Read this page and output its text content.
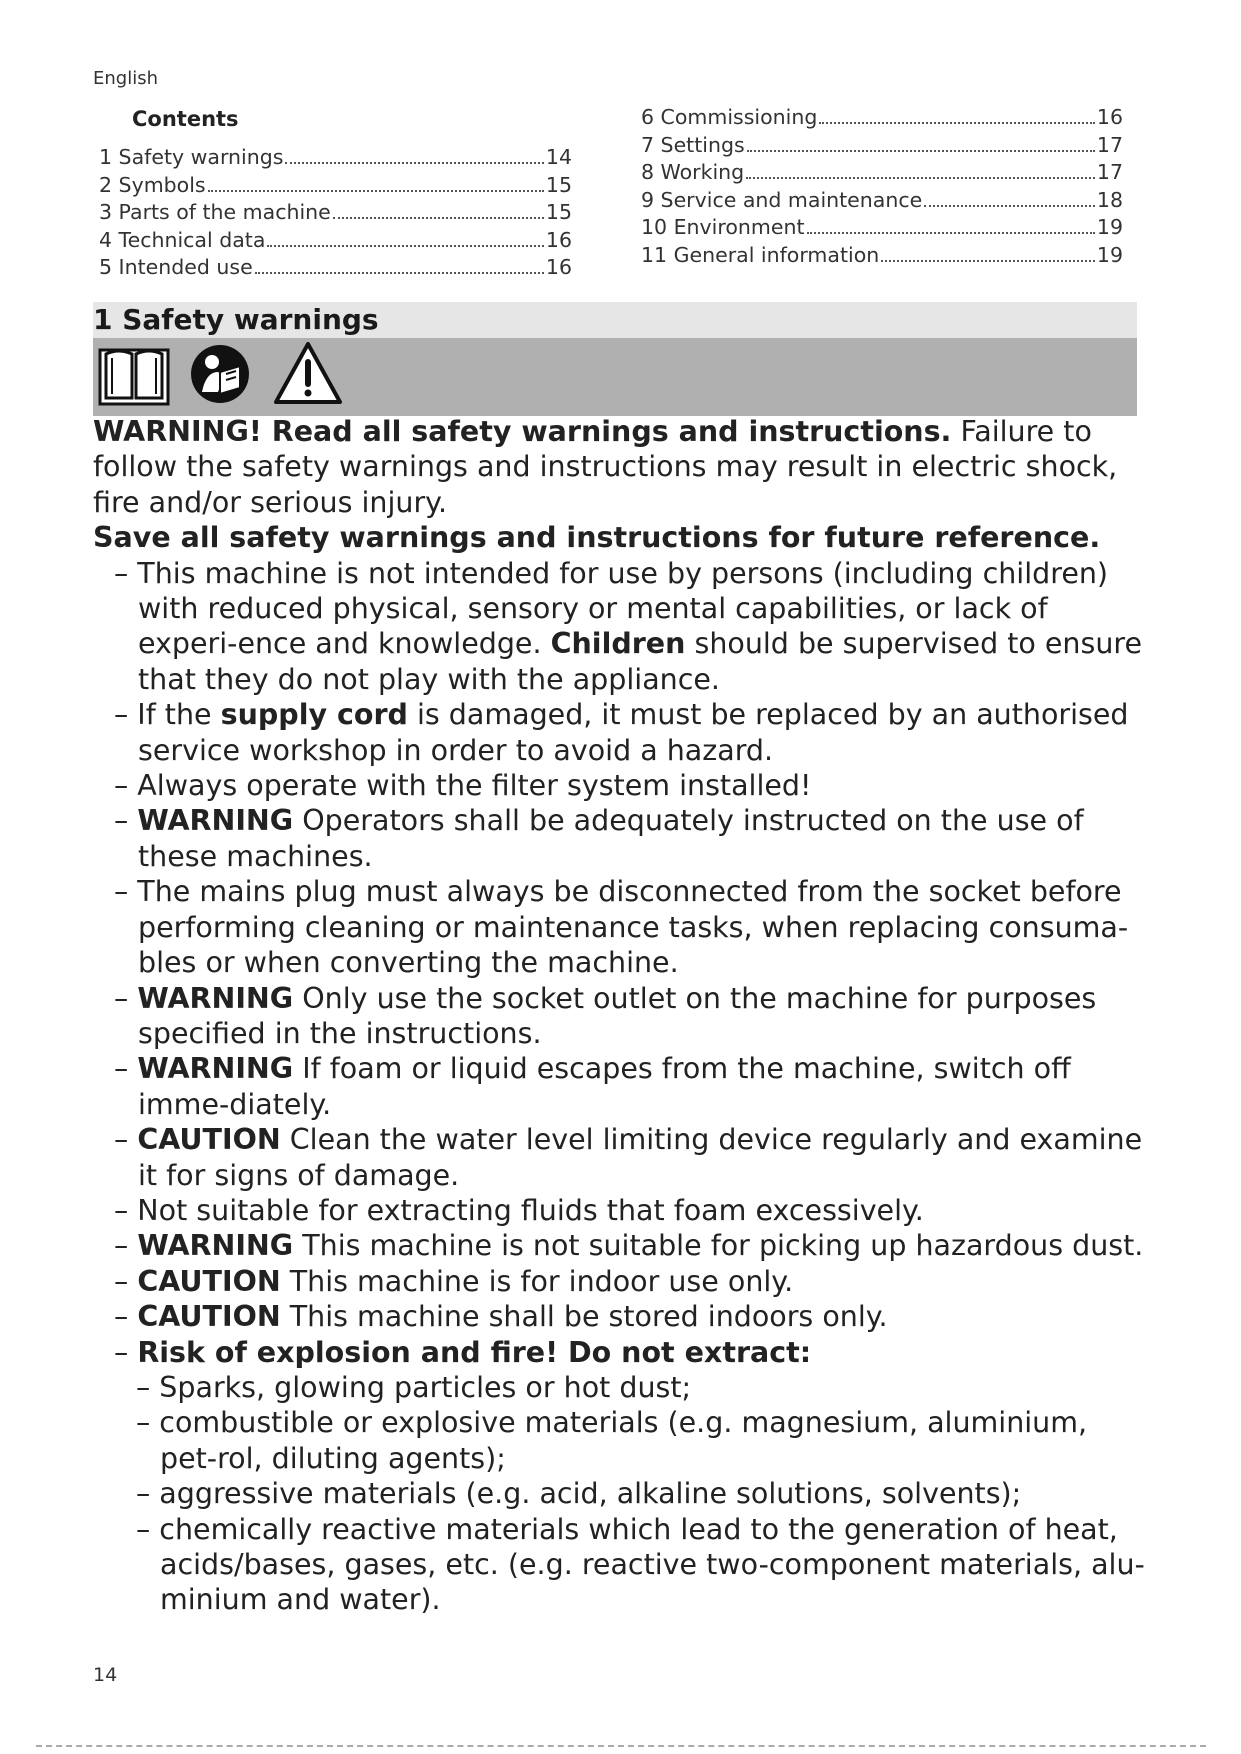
English
Contents
1 Safety warnings	14
2 Symbols	15
3 Parts of the machine	15
4 Technical data	16
5 Intended use	16
6 Commissioning	16
7 Settings	17
8 Working	17
9 Service and maintenance	18
10 Environment	19
11 General information	19
1 Safety warnings

WARNING! Read all safety warnings and instructions. Failure to follow the safety warnings and instructions may result in electric shock, fire and/or serious injury.

Save all safety warnings and instructions for future reference.

– This machine is not intended for use by persons (including children) with reduced physical, sensory or mental capabilities, or lack of experi-ence and knowledge. Children should be supervised to ensure that they do not play with the appliance.

– If the supply cord is damaged, it must be replaced by an authorised service workshop in order to avoid a hazard.

– Always operate with the filter system installed!

– WARNING Operators shall be adequately instructed on the use of these machines.

– The mains plug must always be disconnected from the socket before performing cleaning or maintenance tasks, when replacing consuma-bles or when converting the machine.

– WARNING Only use the socket outlet on the machine for purposes specified in the instructions.

– WARNING If foam or liquid escapes from the machine, switch off imme-diately.

– CAUTION Clean the water level limiting device regularly and examine it for signs of damage.

– Not suitable for extracting fluids that foam excessively.

– WARNING This machine is not suitable for picking up hazardous dust.

– CAUTION This machine is for indoor use only.

– CAUTION This machine shall be stored indoors only.

– Risk of explosion and fire! Do not extract:

– Sparks, glowing particles or hot dust;

– combustible or explosive materials (e.g. magnesium, aluminium, pet-rol, diluting agents);

– aggressive materials (e.g. acid, alkaline solutions, solvents);

– chemically reactive materials which lead to the generation of heat, acids/bases, gases, etc. (e.g. reactive two-component materials, alu-minium and water).

14
